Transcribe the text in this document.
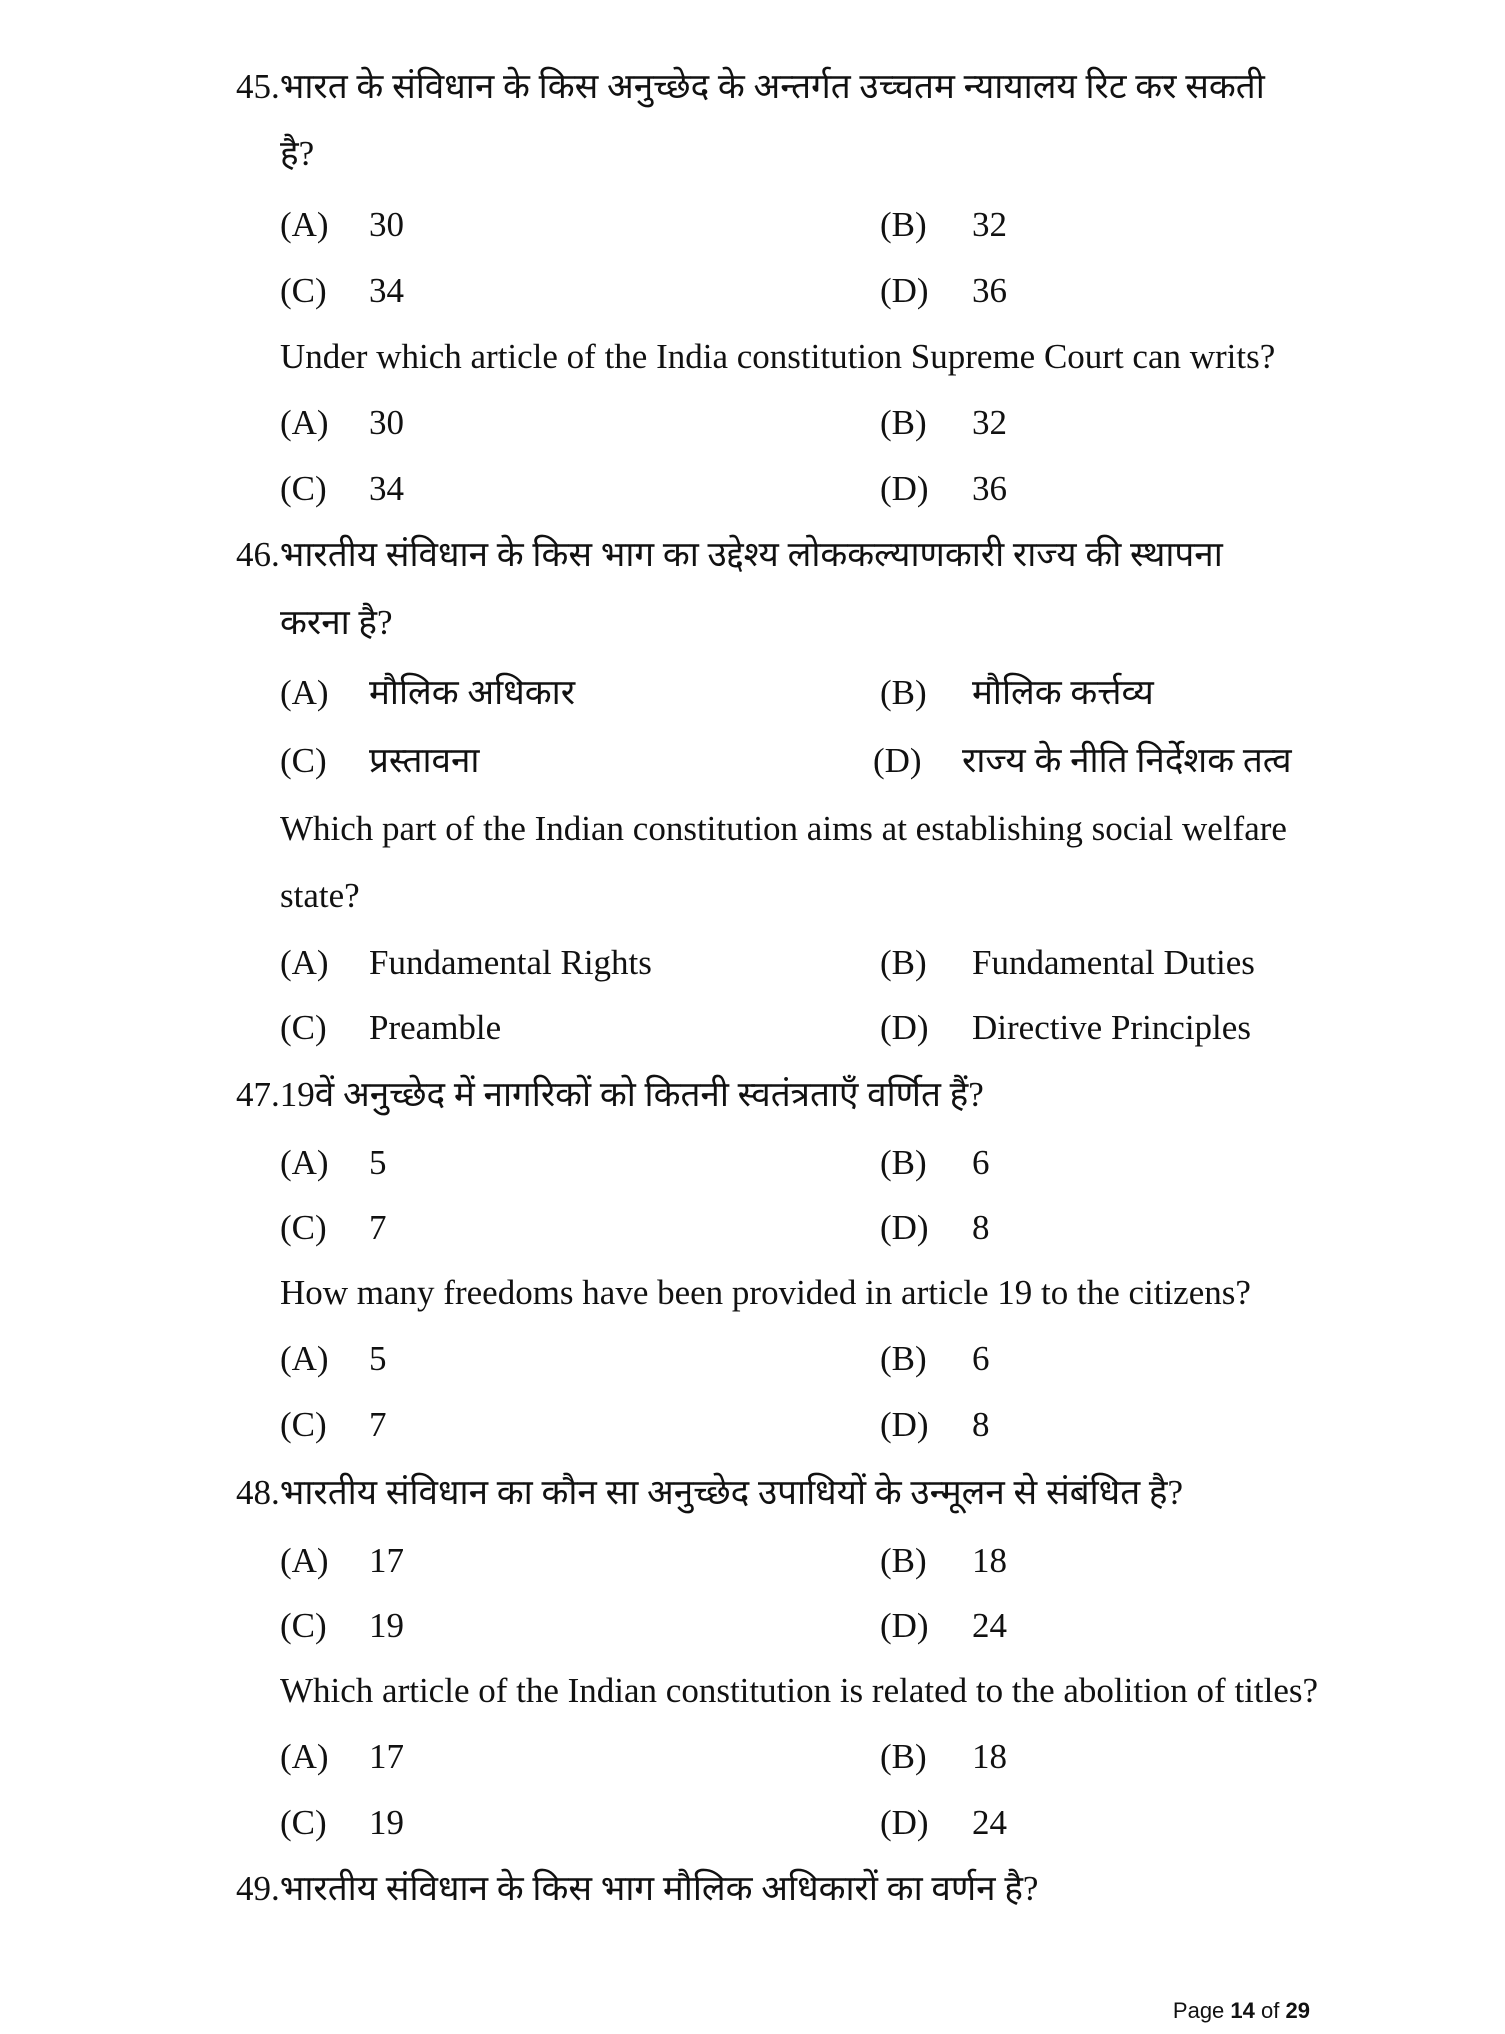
45.भारत के संविधान के किस अनुच्छेद के अन्तर्गत उच्चतम न्यायालय रिट कर सकती
है?
(A) 30	(B) 32
(C) 34	(D) 36
Under which article of the India constitution Supreme Court can writs?
(A) 30	(B) 32
(C) 34	(D) 36
46.भारतीय संविधान के किस भाग का उद्देश्य लोककल्याणकारी राज्य की स्थापना
करना है?
(A) मौलिक अधिकार	(B) मौलिक कर्त्तव्य
(C) प्रस्तावना	(D) राज्य के नीति निर्देशक तत्व
Which part of the Indian constitution aims at establishing social welfare
state?
(A) Fundamental Rights	(B) Fundamental Duties
(C) Preamble	(D) Directive Principles
47.19वें अनुच्छेद में नागरिकों को कितनी स्वतंत्रताएँ वर्णित हैं?
(A) 5	(B) 6
(C) 7	(D) 8
How many freedoms have been provided in article 19 to the citizens?
(A) 5	(B) 6
(C) 7	(D) 8
48.भारतीय संविधान का कौन सा अनुच्छेद उपाधियों के उन्मूलन से संबंधित है?
(A) 17	(B) 18
(C) 19	(D) 24
Which article of the Indian constitution is related to the abolition of titles?
(A) 17	(B) 18
(C) 19	(D) 24
49.भारतीय संविधान के किस भाग मौलिक अधिकारों का वर्णन है?
Page 14 of 29
